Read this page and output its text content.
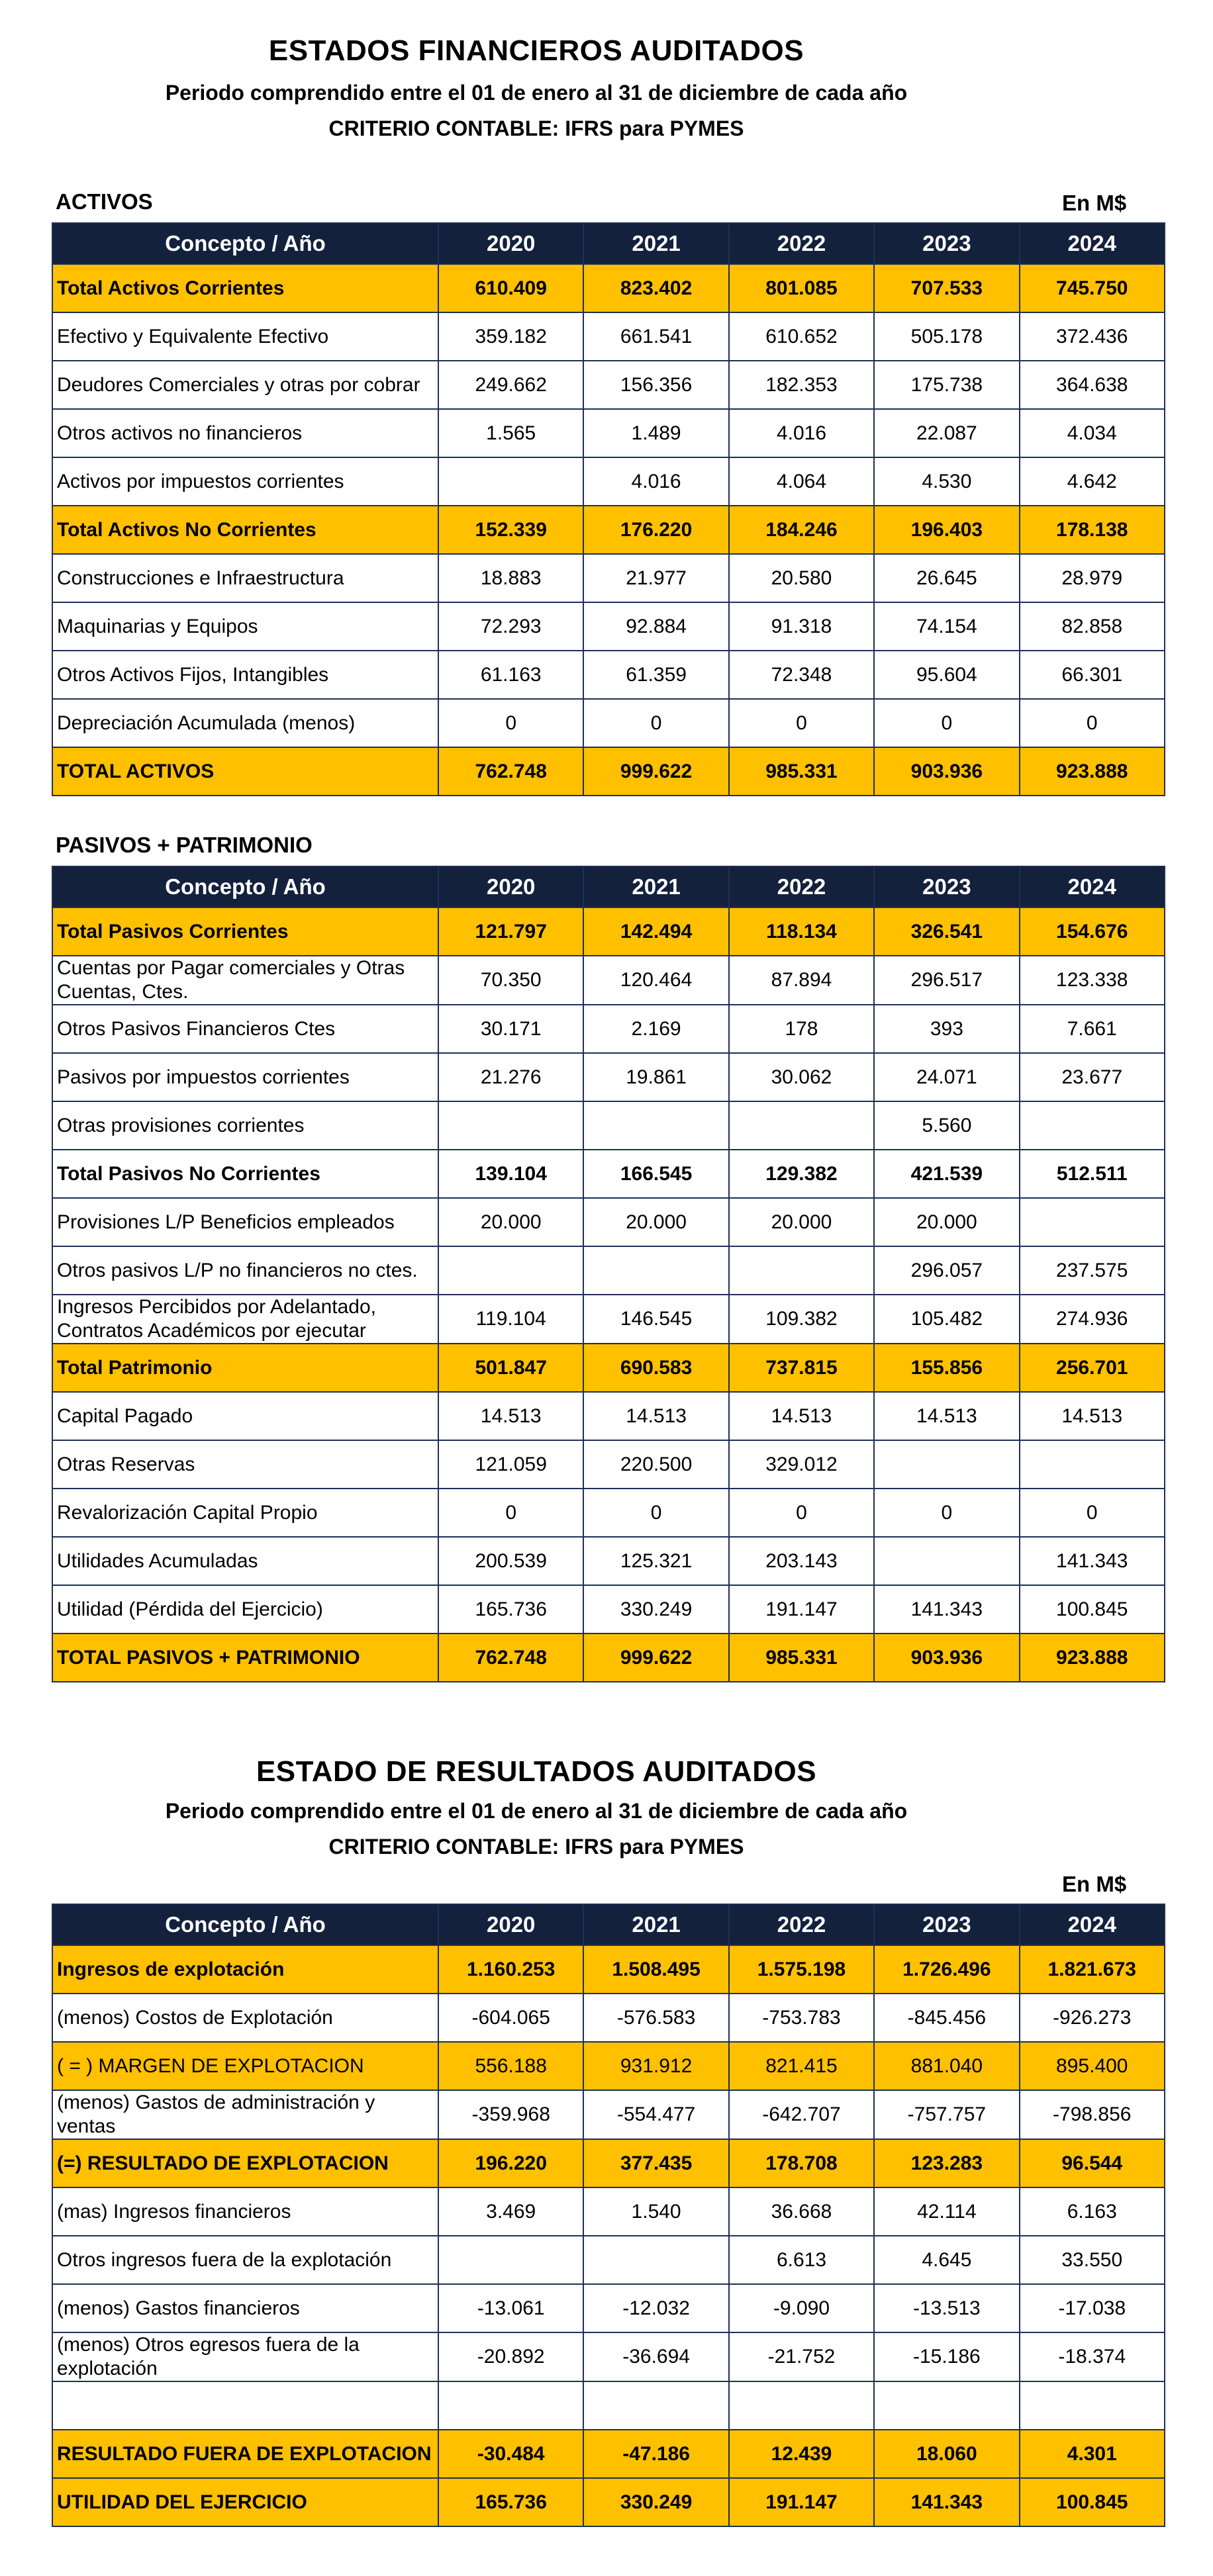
ESTADOS FINANCIEROS AUDITADOS
Periodo comprendido entre el 01 de enero al 31 de diciembre de cada año
CRITERIO CONTABLE: IFRS para PYMES
ACTIVOS	En M$
Concepto / Año	2020	2021	2022	2023	2024
Total Activos Corrientes	610.409	823.402	801.085	707.533	745.750
Efectivo y Equivalente Efectivo	359.182	661.541	610.652	505.178	372.436
Deudores Comerciales y otras por cobrar	249.662	156.356	182.353	175.738	364.638
Otros activos no financieros	1.565	1.489	4.016	22.087	4.034
Activos por impuestos corrientes		4.016	4.064	4.530	4.642
Total Activos No Corrientes	152.339	176.220	184.246	196.403	178.138
Construcciones e Infraestructura	18.883	21.977	20.580	26.645	28.979
Maquinarias y Equipos	72.293	92.884	91.318	74.154	82.858
Otros Activos Fijos, Intangibles	61.163	61.359	72.348	95.604	66.301
Depreciación Acumulada (menos)	0	0	0	0	0
TOTAL ACTIVOS	762.748	999.622	985.331	903.936	923.888
PASIVOS + PATRIMONIO
Concepto / Año	2020	2021	2022	2023	2024
Total Pasivos Corrientes	121.797	142.494	118.134	326.541	154.676
Cuentas por Pagar comerciales y Otras Cuentas, Ctes.	70.350	120.464	87.894	296.517	123.338
Otros Pasivos Financieros Ctes	30.171	2.169	178	393	7.661
Pasivos por impuestos corrientes	21.276	19.861	30.062	24.071	23.677
Otras provisiones corrientes				5.560	
Total Pasivos No Corrientes	139.104	166.545	129.382	421.539	512.511
Provisiones L/P Beneficios empleados	20.000	20.000	20.000	20.000	
Otros pasivos L/P no financieros no ctes.				296.057	237.575
Ingresos Percibidos por Adelantado, Contratos Académicos por ejecutar	119.104	146.545	109.382	105.482	274.936
Total Patrimonio	501.847	690.583	737.815	155.856	256.701
Capital Pagado	14.513	14.513	14.513	14.513	14.513
Otras Reservas	121.059	220.500	329.012		
Revalorización Capital Propio	0	0	0	0	0
Utilidades Acumuladas	200.539	125.321	203.143		141.343
Utilidad (Pérdida del Ejercicio)	165.736	330.249	191.147	141.343	100.845
TOTAL PASIVOS + PATRIMONIO	762.748	999.622	985.331	903.936	923.888
ESTADO DE RESULTADOS AUDITADOS
Periodo comprendido entre el 01 de enero al 31 de diciembre de cada año
CRITERIO CONTABLE: IFRS para PYMES
En M$
Concepto / Año	2020	2021	2022	2023	2024
Ingresos de explotación	1.160.253	1.508.495	1.575.198	1.726.496	1.821.673
(menos) Costos de Explotación	-604.065	-576.583	-753.783	-845.456	-926.273
( = ) MARGEN DE EXPLOTACION	556.188	931.912	821.415	881.040	895.400
(menos) Gastos de administración y ventas	-359.968	-554.477	-642.707	-757.757	-798.856
(=) RESULTADO DE EXPLOTACION	196.220	377.435	178.708	123.283	96.544
(mas) Ingresos financieros	3.469	1.540	36.668	42.114	6.163
Otros ingresos fuera de la explotación			6.613	4.645	33.550
(menos) Gastos financieros	-13.061	-12.032	-9.090	-13.513	-17.038
(menos) Otros egresos fuera de la explotación	-20.892	-36.694	-21.752	-15.186	-18.374

RESULTADO FUERA DE EXPLOTACION	-30.484	-47.186	12.439	18.060	4.301
UTILIDAD DEL EJERCICIO	165.736	330.249	191.147	141.343	100.845
